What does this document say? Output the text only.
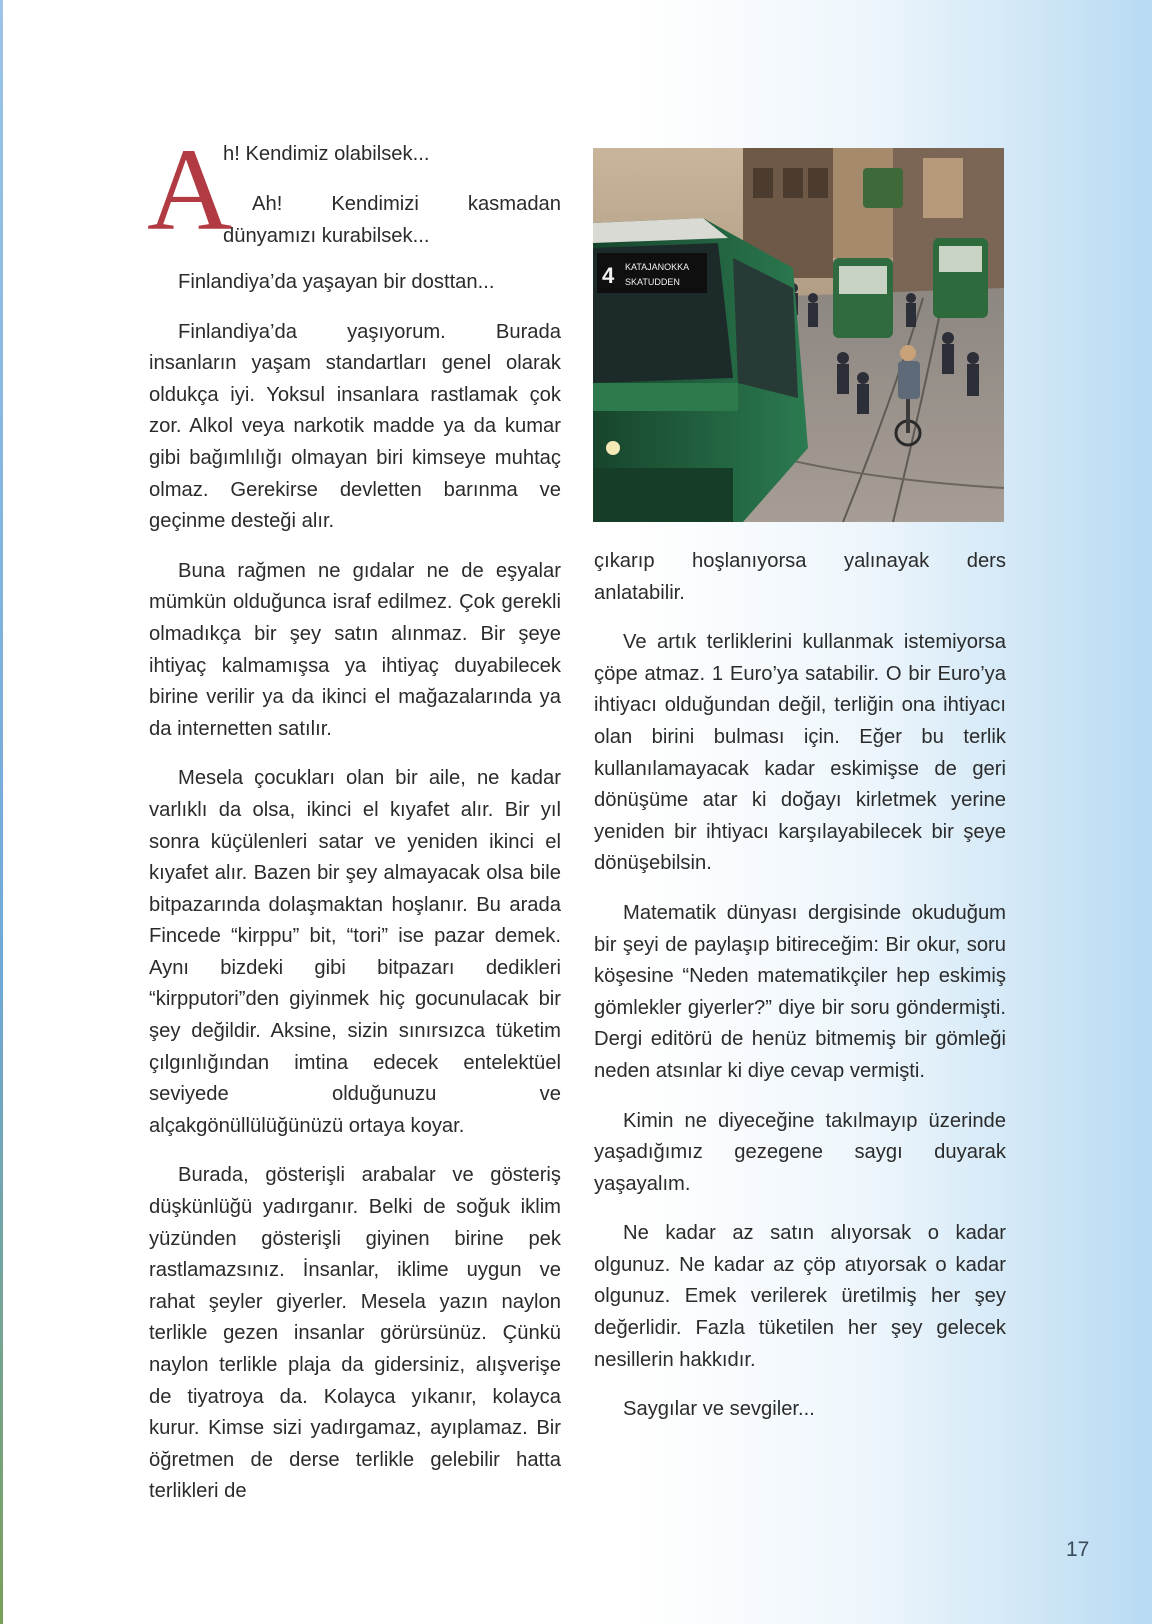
A
h! Kendimiz olabilsek...
Ah! Kendimizi kasmadan dünyamızı kurabilsek...

Finlandiya’da yaşayan bir dosttan...

Finlandiya’da yaşıyorum. Burada insanların yaşam standartları genel olarak oldukça iyi. Yoksul insanlara rastlamak çok zor. Alkol veya narkotik madde ya da kumar gibi bağımlılığı olmayan biri kimseye muhtaç olmaz. Gerekirse devletten barınma ve geçinme desteği alır.

Buna rağmen ne gıdalar ne de eşyalar mümkün olduğunca israf edilmez. Çok gerekli olmadıkça bir şey satın alınmaz. Bir şeye ihtiyaç kalmamışsa ya ihtiyaç duyabilecek birine verilir ya da ikinci el mağazalarında ya da internetten satılır.

Mesela çocukları olan bir aile, ne kadar varlıklı da olsa, ikinci el kıyafet alır. Bir yıl sonra küçülenleri satar ve yeniden ikinci el kıyafet alır. Bazen bir şey almayacak olsa bile bitpazarında dolaşmaktan hoşlanır. Bu arada Fincede “kirppu” bit, “tori” ise pazar demek. Aynı bizdeki gibi bitpazarı dedikleri “kirpputori”den giyinmek hiç gocunulacak bir şey değildir. Aksine, sizin sınırsızca tüketim çılgınlığından imtina edecek entelektüel seviyede olduğunuzu ve alçakgönüllülüğünüzü ortaya koyar.

Burada, gösterişli arabalar ve gösteriş düşkünlüğü yadırganır. Belki de soğuk iklim yüzünden gösterişli giyinen birine pek rastlamazsınız. İnsanlar, iklime uygun ve rahat şeyler giyerler. Mesela yazın naylon terlikle gezen insanlar görürsünüz. Çünkü naylon terlikle plaja da gidersiniz, alışverişe de tiyatroya da. Kolayca yıkanır, kolayca kurur. Kimse sizi yadırgamaz, ayıplamaz. Bir öğretmen de derse terlikle gelebilir hatta terlikleri de

4 KATAJANOKKA
SKATUDDEN

çıkarıp hoşlanıyorsa yalınayak ders anlatabilir.

Ve artık terliklerini kullanmak istemiyorsa çöpe atmaz. 1 Euro’ya satabilir. O bir Euro’ya ihtiyacı olduğundan değil, terliğin ona ihtiyacı olan birini bulması için. Eğer bu terlik kullanılamayacak kadar eskimişse de geri dönüşüme atar ki doğayı kirletmek yerine yeniden bir ihtiyacı karşılayabilecek bir şeye dönüşebilsin.

Matematik dünyası dergisinde okuduğum bir şeyi de paylaşıp bitireceğim: Bir okur, soru köşesine “Neden matematikçiler hep eskimiş gömlekler giyerler?” diye bir soru göndermişti. Dergi editörü de henüz bitmemiş bir gömleği neden atsınlar ki diye cevap vermişti.

Kimin ne diyeceğine takılmayıp üzerinde yaşadığımız gezegene saygı duyarak yaşayalım.

Ne kadar az satın alıyorsak o kadar olgunuz. Ne kadar az çöp atıyorsak o kadar olgunuz. Emek verilerek üretilmiş her şey değerlidir. Fazla tüketilen her şey gelecek nesillerin hakkıdır.

Saygılar ve sevgiler...

17
